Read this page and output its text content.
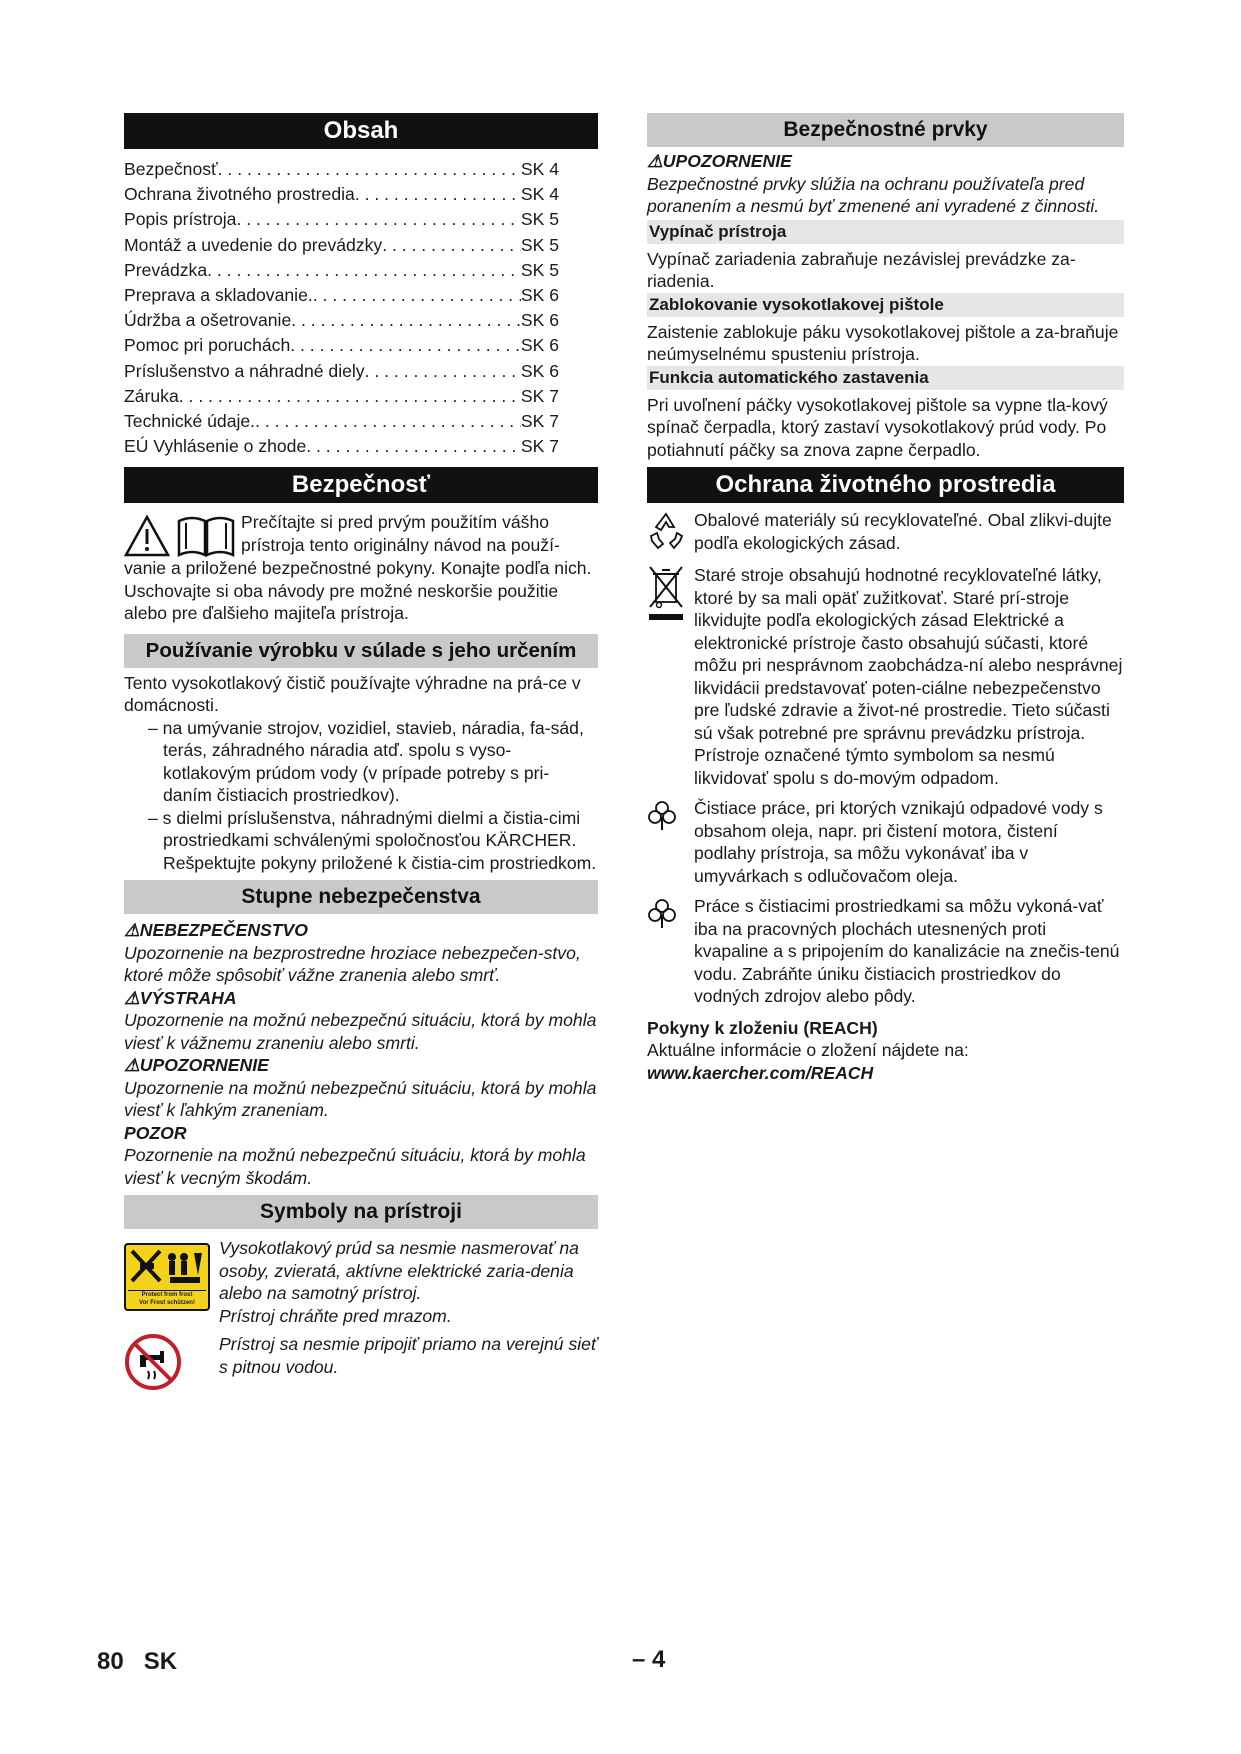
Obsah
Bezpečnosť . . .	SK 4
Ochrana životného prostredia . . .	SK 4
Popis prístroja . . .	SK 5
Montáž a uvedenie do prevádzky . . .	SK 5
Prevádzka . . .	SK 5
Preprava a skladovanie. . . .	SK 6
Údržba a ošetrovanie . . .	SK 6
Pomoc pri poruchách . . .	SK 6
Príslušenstvo a náhradné diely . . .	SK 6
Záruka . . .	SK 7
Technické údaje. . . .	SK 7
EÚ Vyhlásenie o zhode . . .	SK 7
Bezpečnosť

Prečítajte si pred prvým použitím vášho prístroja tento originálny návod na použí-

vanie a priložené bezpečnostné pokyny. Konajte podľa nich. Uschovajte si oba návody pre možné neskoršie použitie alebo pre ďalšieho majiteľa prístroja.

Používanie výrobku v súlade s jeho určením

Tento vysokotlakový čistič používajte výhradne na prá-ce v domácnosti.

– na umývanie strojov, vozidiel, stavieb, náradia, fa-sád, terás, záhradného náradia atď. spolu s vyso-kotlakovým prúdom vody (v prípade potreby s pri-daním čistiacich prostriedkov).

– s dielmi príslušenstva, náhradnými dielmi a čistia-cimi prostriedkami schválenými spoločnosťou KÄRCHER. Rešpektujte pokyny priložené k čistia-cim prostriedkom.

Stupne nebezpečenstva

⚠NEBEZPEČENSTVO

Upozornenie na bezprostredne hroziace nebezpečen-stvo, ktoré môže spôsobiť vážne zranenia alebo smrť.

⚠VÝSTRAHA

Upozornenie na možnú nebezpečnú situáciu, ktorá by mohla viesť k vážnemu zraneniu alebo smrti.

⚠UPOZORNENIE

Upozornenie na možnú nebezpečnú situáciu, ktorá by mohla viesť k ľahkým zraneniam.

POZOR

Pozornenie na možnú nebezpečnú situáciu, ktorá by mohla viesť k vecným škodám.

Symboly na prístroji
Protect from frost
Vor Frost schützen!

Vysokotlakový prúd sa nesmie nasmerovať na osoby, zvieratá, aktívne elektrické zaria-denia alebo na samotný prístroj.

Prístroj chráňte pred mrazom.

Prístroj sa nesmie pripojiť priamo na verejnú sieť s pitnou vodou.

Bezpečnostné prvky

⚠UPOZORNENIE

Bezpečnostné prvky slúžia na ochranu používateľa pred poranením a nesmú byť zmenené ani vyradené z činnosti.

Vypínač prístroja

Vypínač zariadenia zabraňuje nezávislej prevádzke za-riadenia.

Zablokovanie vysokotlakovej pištole

Zaistenie zablokuje páku vysokotlakovej pištole a za-braňuje neúmyselnému spusteniu prístroja.

Funkcia automatického zastavenia

Pri uvoľnení páčky vysokotlakovej pištole sa vypne tla-kový spínač čerpadla, ktorý zastaví vysokotlakový prúd vody. Po potiahnutí páčky sa znova zapne čerpadlo.

Ochrana životného prostredia

Obalové materiály sú recyklovateľné. Obal zlikvi-dujte podľa ekologických zásad.

Staré stroje obsahujú hodnotné recyklovateľné látky, ktoré by sa mali opäť zužitkovať. Staré prí-stroje likvidujte podľa ekologických zásad Elektrické a elektronické prístroje často obsahujú súčasti, ktoré môžu pri nesprávnom zaobchádza-ní alebo nesprávnej likvidácii predstavovať poten-ciálne nebezpečenstvo pre ľudské zdravie a život-né prostredie. Tieto súčasti sú však potrebné pre správnu prevádzku prístroja. Prístroje označené týmto symbolom sa nesmú likvidovať spolu s do-movým odpadom.

Čistiace práce, pri ktorých vznikajú odpadové vody s obsahom oleja, napr. pri čistení motora, čistení podlahy prístroja, sa môžu vykonávať iba v umyvárkach s odlučovačom oleja.

Práce s čistiacimi prostriedkami sa môžu vykoná-vať iba na pracovných plochách utesnených proti kvapaline a s pripojením do kanalizácie na znečis-tenú vodu. Zabráňte úniku čistiacich prostriedkov do vodných zdrojov alebo pôdy.

Pokyny k zloženiu (REACH)

Aktuálne informácie o zložení nájdete na:

www.kaercher.com/REACH

80 SK	– 4
